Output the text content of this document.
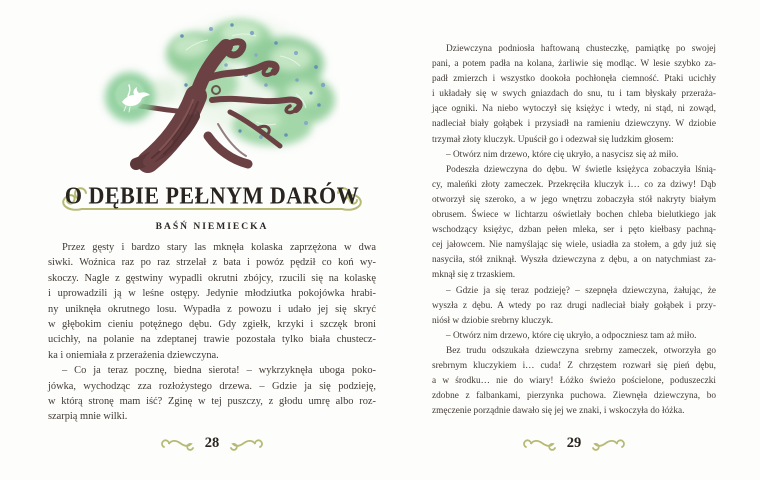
O DĘBIE PEŁNYM DARÓW
BAŚŃ NIEMIECKA
Przez gęsty i bardzo stary las mknęła kolaska zaprzężona w dwa
siwki. Woźnica raz po raz strzelał z bata i powóz pędził co koń wy-
skoczy. Nagle z gęstwiny wypadli okrutni zbójcy, rzucili się na kolaskę
i uprowadzili ją w leśne ostępy. Jedynie młodziutka pokojówka hrabi-
ny uniknęła okrutnego losu. Wypadła z powozu i udało jej się skryć
w głębokim cieniu potężnego dębu. Gdy zgiełk, krzyki i szczęk broni
ucichły, na polanie na zdeptanej trawie pozostała tylko biała chustecz-
ka i oniemiała z przerażenia dziewczyna.
– Co ja teraz pocznę, biedna sierota! – wykrzyknęła uboga poko-
jówka, wychodząc zza rozłożystego drzewa. – Gdzie ja się podzieję,
w którą stronę mam iść? Zginę w tej puszczy, z głodu umrę albo roz-
szarpią mnie wilki.
28
Dziewczyna podniosła haftowaną chusteczkę, pamiątkę po swojej
pani, a potem padła na kolana, żarliwie się modląc. W lesie szybko za-
padł zmierzch i wszystko dookoła pochłonęła ciemność. Ptaki ucichły
i układały się w swych gniazdach do snu, tu i tam błyskały przeraża-
jące ogniki. Na niebo wytoczył się księżyc i wtedy, ni stąd, ni zowąd,
nadleciał biały gołąbek i przysiadł na ramieniu dziewczyny. W dziobie
trzymał złoty kluczyk. Upuścił go i odezwał się ludzkim głosem:
– Otwórz nim drzewo, które cię ukryło, a nasycisz się aż miło.
Podeszła dziewczyna do dębu. W świetle księżyca zobaczyła lśnią-
cy, maleńki złoty zameczek. Przekręciła kluczyk i… co za dziwy! Dąb
otworzył się szeroko, a w jego wnętrzu zobaczyła stół nakryty białym
obrusem. Świece w lichtarzu oświetlały bochen chleba bielutkiego jak
wschodzący księżyc, dzban pełen mleka, ser i pęto kiełbasy pachną-
cej jałowcem. Nie namyślając się wiele, usiadła za stołem, a gdy już się
nasyciła, stół zniknął. Wyszła dziewczyna z dębu, a on natychmiast za-
mknął się z trzaskiem.
– Gdzie ja się teraz podzieję? – szepnęła dziewczyna, żałując, że
wyszła z dębu. A wtedy po raz drugi nadleciał biały gołąbek i przy-
niósł w dziobie srebrny kluczyk.
– Otwórz nim drzewo, które cię ukryło, a odpoczniesz tam aż miło.
Bez trudu odszukała dziewczyna srebrny zameczek, otworzyła go
srebrnym kluczykiem i… cuda! Z chrzęstem rozwarł się pień dębu,
a w środku… nie do wiary! Łóżko świeżo pościelone, poduszeczki
zdobne z falbankami, pierzynka puchowa. Ziewnęła dziewczyna, bo
zmęczenie porządnie dawało się jej we znaki, i wskoczyła do łóżka.
29
